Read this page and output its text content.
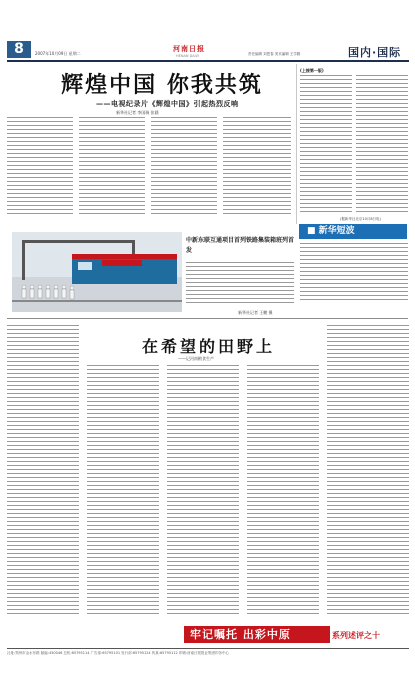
8	2007年10月09日 星期二
河南日报
HENAN DAILY	责任编辑 刘恩春 美术编辑 王学勤	国内·国际
辉煌中国 你我共筑
——电视纪录片《辉煌中国》引起热烈反响
新华社记者 李国瑞 张涵
(上接第一版)
(据新华社北京10月8日电)
■ 新华短波
中新东联互通项目首列铁路集装箱班列首发
新华社记者 王鹏 摄
在希望的田野上
——记河南粮食生产
牢记嘱托 出彩中原	系列述评之十
社址:郑州市金水东路 邮编:450046 总机:65795114 广告部:65795101 发行部:65795124 传真:65795112 印刷:河南日报报业集团印务中心
